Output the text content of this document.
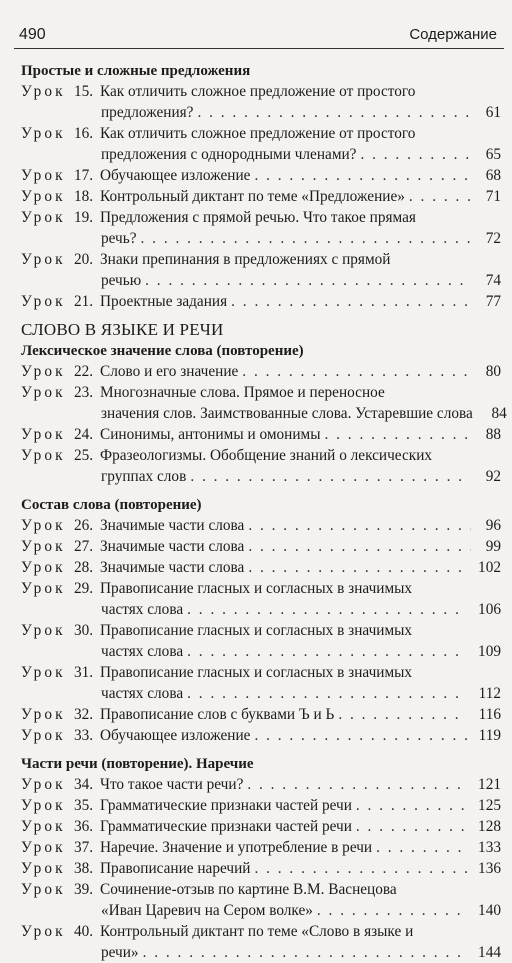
490	Содержание
Простые и сложные предложения
Урок 15. Как отличить сложное предложение от простого
предложения? . . .	61
Урок 16. Как отличить сложное предложение от простого
предложения с однородными членами? . . .	65
Урок 17. Обучающее изложение . . .	68
Урок 18. Контрольный диктант по теме «Предложение» . . .	71
Урок 19. Предложения с прямой речью. Что такое прямая
речь? . . .	72
Урок 20. Знаки препинания в предложениях с прямой
речью . . .	74
Урок 21. Проектные задания . . .	77
СЛОВО В ЯЗЫКЕ И РЕЧИ
Лексическое значение слова (повторение)
Урок 22. Слово и его значение . . .	80
Урок 23. Многозначные слова. Прямое и переносное
значения слов. Заимствованные слова. Устаревшие слова	84
Урок 24. Синонимы, антонимы и омонимы . . .	88
Урок 25. Фразеологизмы. Обобщение знаний о лексических
группах слов . . .	92
Состав слова (повторение)
Урок 26. Значимые части слова . . .	96
Урок 27. Значимые части слова . . .	99
Урок 28. Значимые части слова . . .	102
Урок 29. Правописание гласных и согласных в значимых
частях слова . . .	106
Урок 30. Правописание гласных и согласных в значимых
частях слова . . .	109
Урок 31. Правописание гласных и согласных в значимых
частях слова . . .	112
Урок 32. Правописание слов с буквами Ъ и Ь . . .	116
Урок 33. Обучающее изложение . . .	119
Части речи (повторение). Наречие
Урок 34. Что такое части речи? . . .	121
Урок 35. Грамматические признаки частей речи . . .	125
Урок 36. Грамматические признаки частей речи . . .	128
Урок 37. Наречие. Значение и употребление в речи . . .	133
Урок 38. Правописание наречий . . .	136
Урок 39. Сочинение-отзыв по картине В.М. Васнецова
«Иван Царевич на Сером волке» . . .	140
Урок 40. Контрольный диктант по теме «Слово в языке и
речи» . . .	144
